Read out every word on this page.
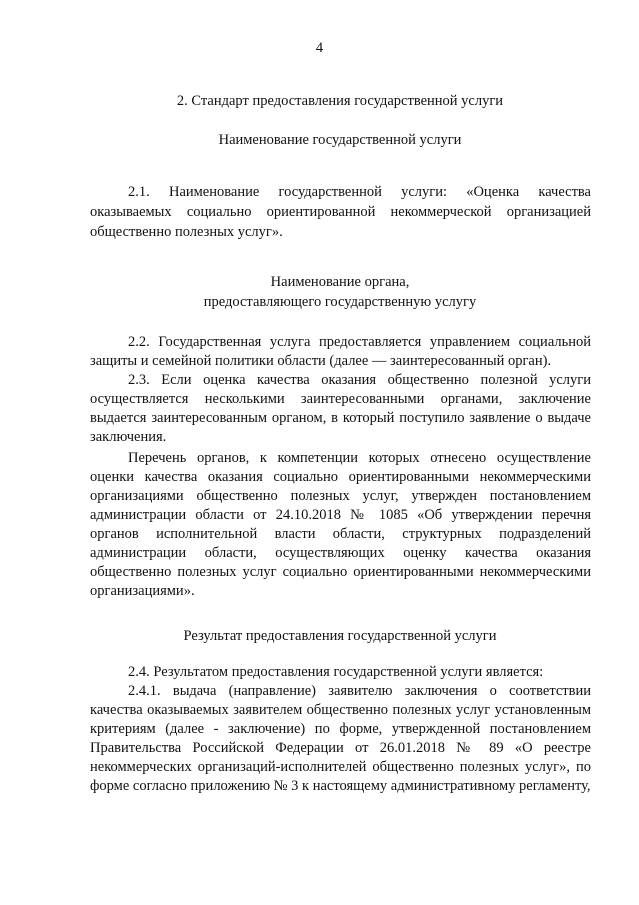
4
2. Стандарт предоставления государственной услуги
Наименование государственной услуги

2.1. Наименование государственной услуги: «Оценка качества оказываемых социально ориентированной некоммерческой организацией общественно полезных услуг».

Наименование органа,
предоставляющего государственную услугу

2.2. Государственная услуга предоставляется управлением социальной защиты и семейной политики области (далее — заинтересованный орган).

2.3. Если оценка качества оказания общественно полезной услуги осуществляется несколькими заинтересованными органами, заключение выдается заинтересованным органом, в который поступило заявление о выдаче заключения.

Перечень органов, к компетенции которых отнесено осуществление оценки качества оказания социально ориентированными некоммерческими организациями общественно полезных услуг, утвержден постановлением администрации области от 24.10.2018 № 1085 «Об утверждении перечня органов исполнительной власти области, структурных подразделений администрации области, осуществляющих оценку качества оказания общественно полезных услуг социально ориентированными некоммерческими организациями».

Результат предоставления государственной услуги

2.4. Результатом предоставления государственной услуги является:

2.4.1. выдача (направление) заявителю заключения о соответствии качества оказываемых заявителем общественно полезных услуг установленным критериям (далее - заключение) по форме, утвержденной постановлением Правительства Российской Федерации от 26.01.2018 № 89 «О реестре некоммерческих организаций-исполнителей общественно полезных услуг», по форме согласно приложению № 3 к настоящему административному регламенту,
